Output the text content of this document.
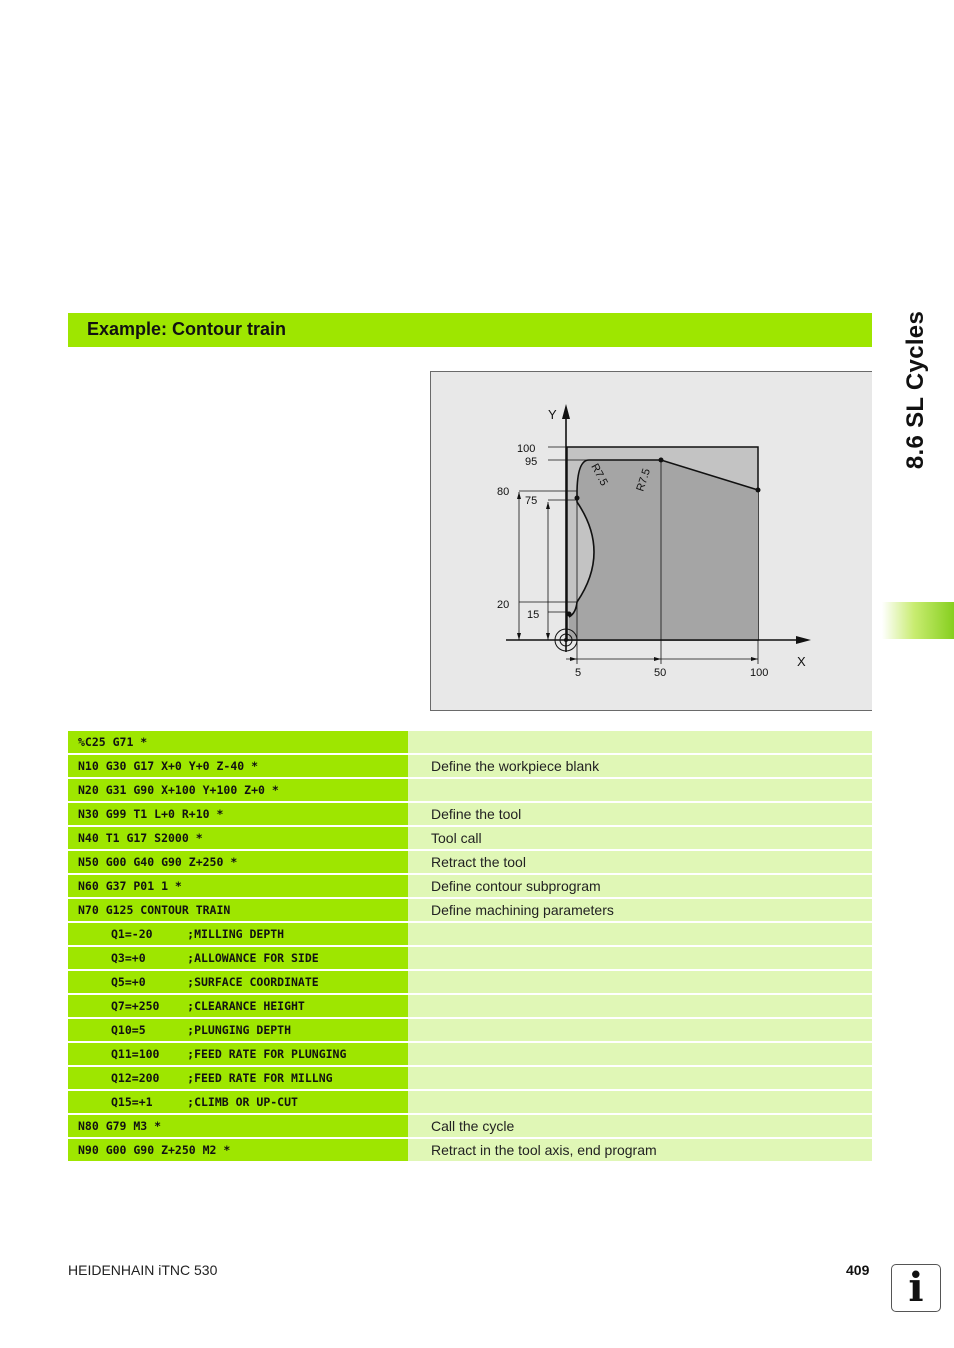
Example: Contour train	8.6 SL Cycles
Y
X
100
95
80
75
20
15
5	50	100
R7.5 R7.5
%C25 G71 *
N10 G30 G17 X+0 Y+0 Z-40 *	Define the workpiece blank
N20 G31 G90 X+100 Y+100 Z+0 *
N30 G99 T1 L+0 R+10 *	Define the tool
N40 T1 G17 S2000 *	Tool call
N50 G00 G40 G90 Z+250 *	Retract the tool
N60 G37 P01 1 *	Define contour subprogram
N70 G125 CONTOUR TRAIN	Define machining parameters
Q1=-20     ;MILLING DEPTH
Q3=+0      ;ALLOWANCE FOR SIDE
Q5=+0      ;SURFACE COORDINATE
Q7=+250    ;CLEARANCE HEIGHT
Q10=5      ;PLUNGING DEPTH
Q11=100    ;FEED RATE FOR PLUNGING
Q12=200    ;FEED RATE FOR MILLNG
Q15=+1     ;CLIMB OR UP-CUT
N80 G79 M3 *	Call the cycle
N90 G00 G90 Z+250 M2 *	Retract in the tool axis, end program
HEIDENHAIN iTNC 530	409 i
